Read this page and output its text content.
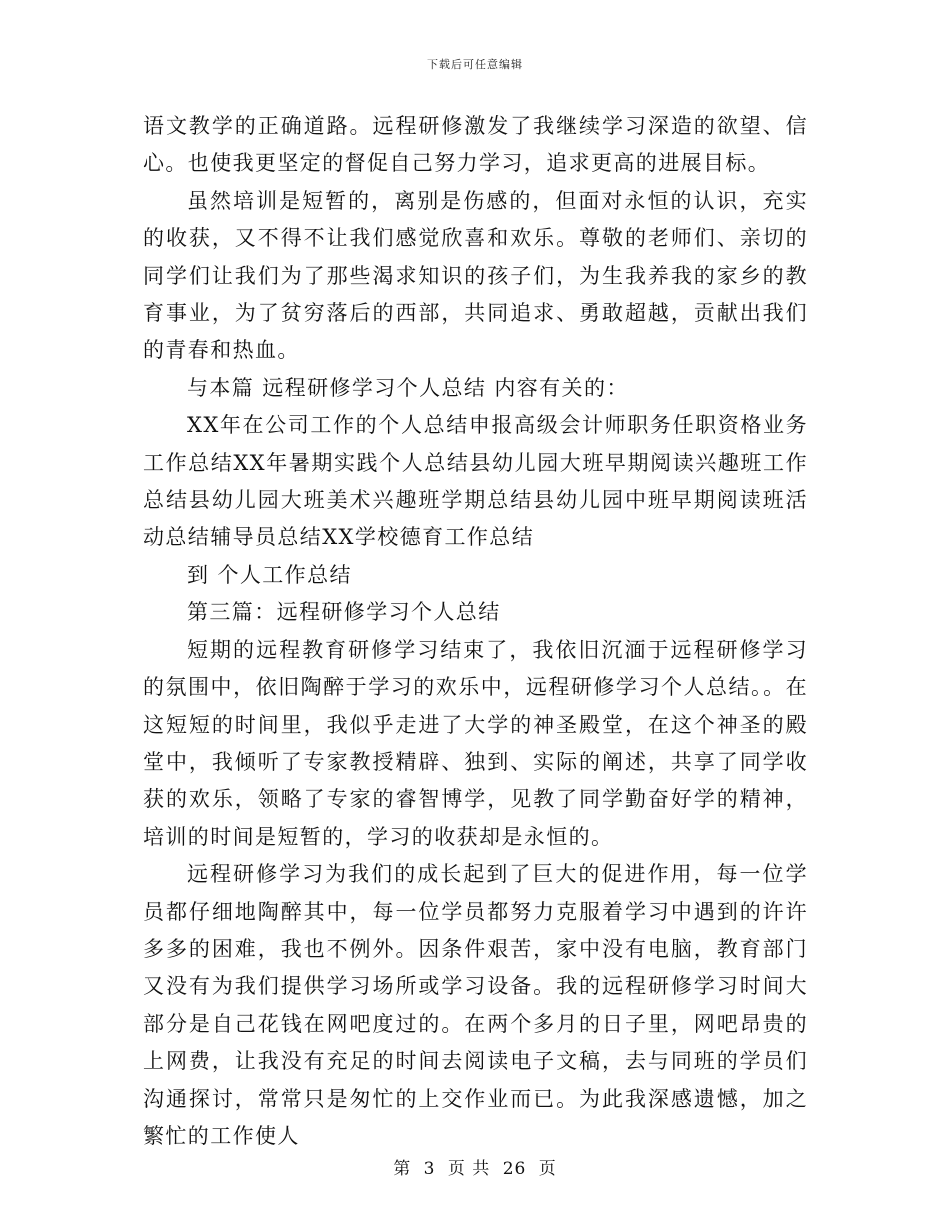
下载后可任意编辑

语文教学的正确道路。远程研修激发了我继续学习深造的欲望、信心。也使我更坚定的督促自己努力学习，追求更高的进展目标。

虽然培训是短暂的，离别是伤感的，但面对永恒的认识，充实的收获，又不得不让我们感觉欣喜和欢乐。尊敬的老师们、亲切的同学们让我们为了那些渴求知识的孩子们，为生我养我的家乡的教育事业，为了贫穷落后的西部，共同追求、勇敢超越，贡献出我们的青春和热血。

与本篇 远程研修学习个人总结 内容有关的：

XX年在公司工作的个人总结申报高级会计师职务任职资格业务工作总结XX年暑期实践个人总结县幼儿园大班早期阅读兴趣班工作总结县幼儿园大班美术兴趣班学期总结县幼儿园中班早期阅读班活动总结辅导员总结XX学校德育工作总结

到 个人工作总结

第三篇：远程研修学习个人总结

短期的远程教育研修学习结束了，我依旧沉湎于远程研修学习的氛围中，依旧陶醉于学习的欢乐中，远程研修学习个人总结。。在这短短的时间里，我似乎走进了大学的神圣殿堂，在这个神圣的殿堂中，我倾听了专家教授精辟、独到、实际的阐述，共享了同学收获的欢乐，领略了专家的睿智博学，见教了同学勤奋好学的精神，培训的时间是短暂的，学习的收获却是永恒的。

远程研修学习为我们的成长起到了巨大的促进作用，每一位学员都仔细地陶醉其中，每一位学员都努力克服着学习中遇到的许许多多的困难，我也不例外。因条件艰苦，家中没有电脑，教育部门又没有为我们提供学习场所或学习设备。我的远程研修学习时间大部分是自己花钱在网吧度过的。在两个多月的日子里，网吧昂贵的上网费，让我没有充足的时间去阅读电子文稿，去与同班的学员们沟通探讨，常常只是匆忙的上交作业而已。为此我深感遗憾，加之繁忙的工作使人

第 3 页 共 26 页
